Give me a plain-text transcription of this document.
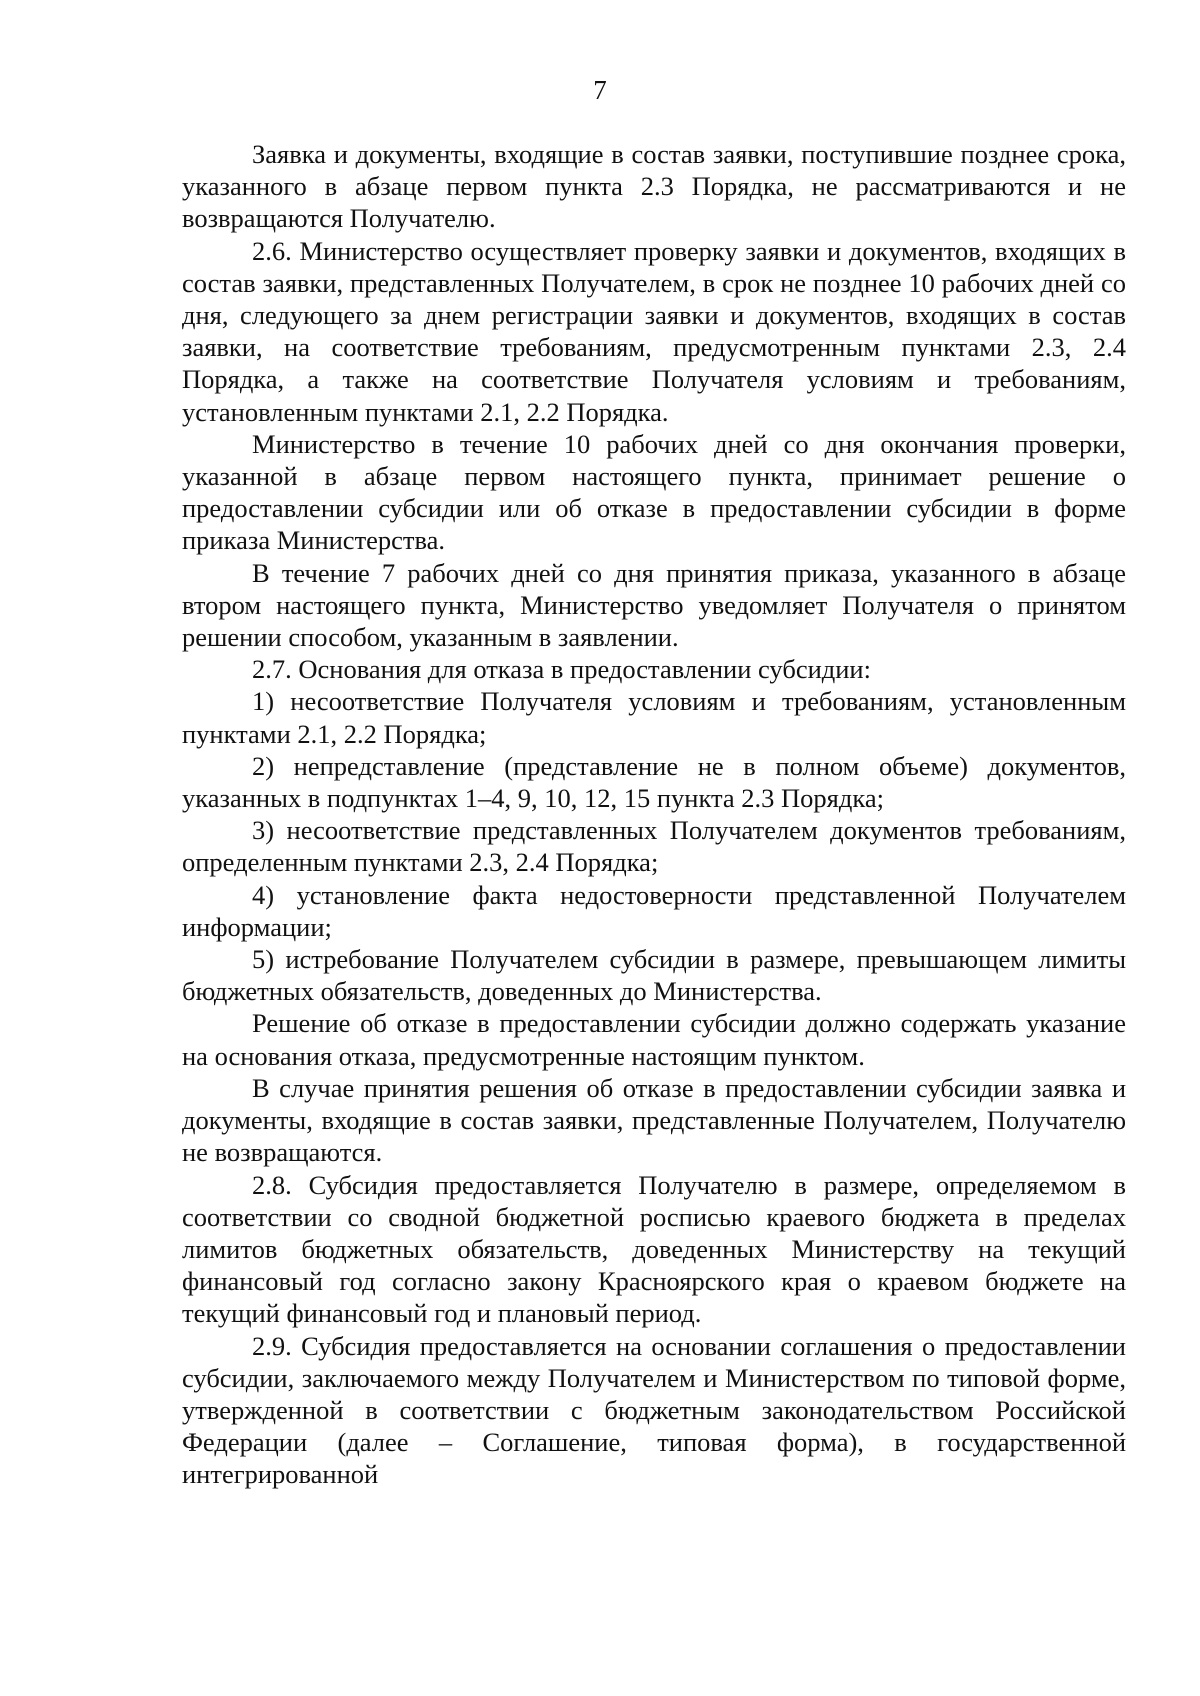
7

Заявка и документы, входящие в состав заявки, поступившие позднее срока, указанного в абзаце первом пункта 2.3 Порядка, не рассматриваются и не возвращаются Получателю.

2.6. Министерство осуществляет проверку заявки и документов, входящих в состав заявки, представленных Получателем, в срок не позднее 10 рабочих дней со дня, следующего за днем регистрации заявки и документов, входящих в состав заявки, на соответствие требованиям, предусмотренным пунктами 2.3, 2.4 Порядка, а также на соответствие Получателя условиям и требованиям, установленным пунктами 2.1, 2.2 Порядка.

Министерство в течение 10 рабочих дней со дня окончания проверки, указанной в абзаце первом настоящего пункта, принимает решение о предоставлении субсидии или об отказе в предоставлении субсидии в форме приказа Министерства.

В течение 7 рабочих дней со дня принятия приказа, указанного в абзаце втором настоящего пункта, Министерство уведомляет Получателя о принятом решении способом, указанным в заявлении.

2.7. Основания для отказа в предоставлении субсидии:

1) несоответствие Получателя условиям и требованиям, установленным пунктами 2.1, 2.2 Порядка;

2) непредставление (представление не в полном объеме) документов, указанных в подпунктах 1–4, 9, 10, 12, 15 пункта 2.3 Порядка;

3) несоответствие представленных Получателем документов требованиям, определенным пунктами 2.3, 2.4 Порядка;

4) установление факта недостоверности представленной Получателем информации;

5) истребование Получателем субсидии в размере, превышающем лимиты бюджетных обязательств, доведенных до Министерства.

Решение об отказе в предоставлении субсидии должно содержать указание на основания отказа, предусмотренные настоящим пунктом.

В случае принятия решения об отказе в предоставлении субсидии заявка и документы, входящие в состав заявки, представленные Получателем, Получателю не возвращаются.

2.8. Субсидия предоставляется Получателю в размере, определяемом в соответствии со сводной бюджетной росписью краевого бюджета в пределах лимитов бюджетных обязательств, доведенных Министерству на текущий финансовый год согласно закону Красноярского края о краевом бюджете на текущий финансовый год и плановый период.

2.9. Субсидия предоставляется на основании соглашения о предоставлении субсидии, заключаемого между Получателем и Министерством по типовой форме, утвержденной в соответствии с бюджетным законодательством Российской Федерации (далее – Соглашение, типовая форма), в государственной интегрированной
